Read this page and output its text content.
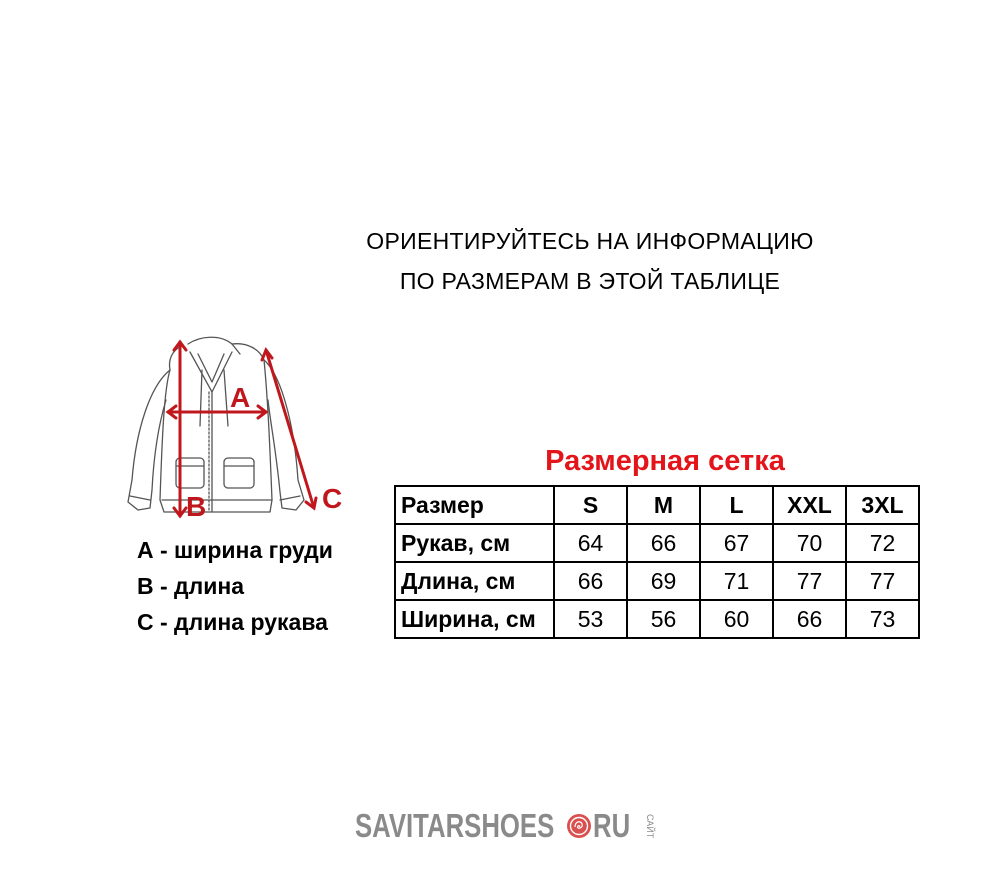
ОРИЕНТИРУЙТЕСЬ НА ИНФОРМАЦИЮ
ПО РАЗМЕРАМ В ЭТОЙ ТАБЛИЦЕ
A
B	C
А - ширина груди
В - длина
С - длина рукава
Размерная сетка
Размер	S	M	L	XXL	3XL
Рукав, см	64	66	67	70	72
Длина, см	66	69	71	77	77
Ширина, см	53	56	60	66	73
SAVITARSHOES RU САЙТ
